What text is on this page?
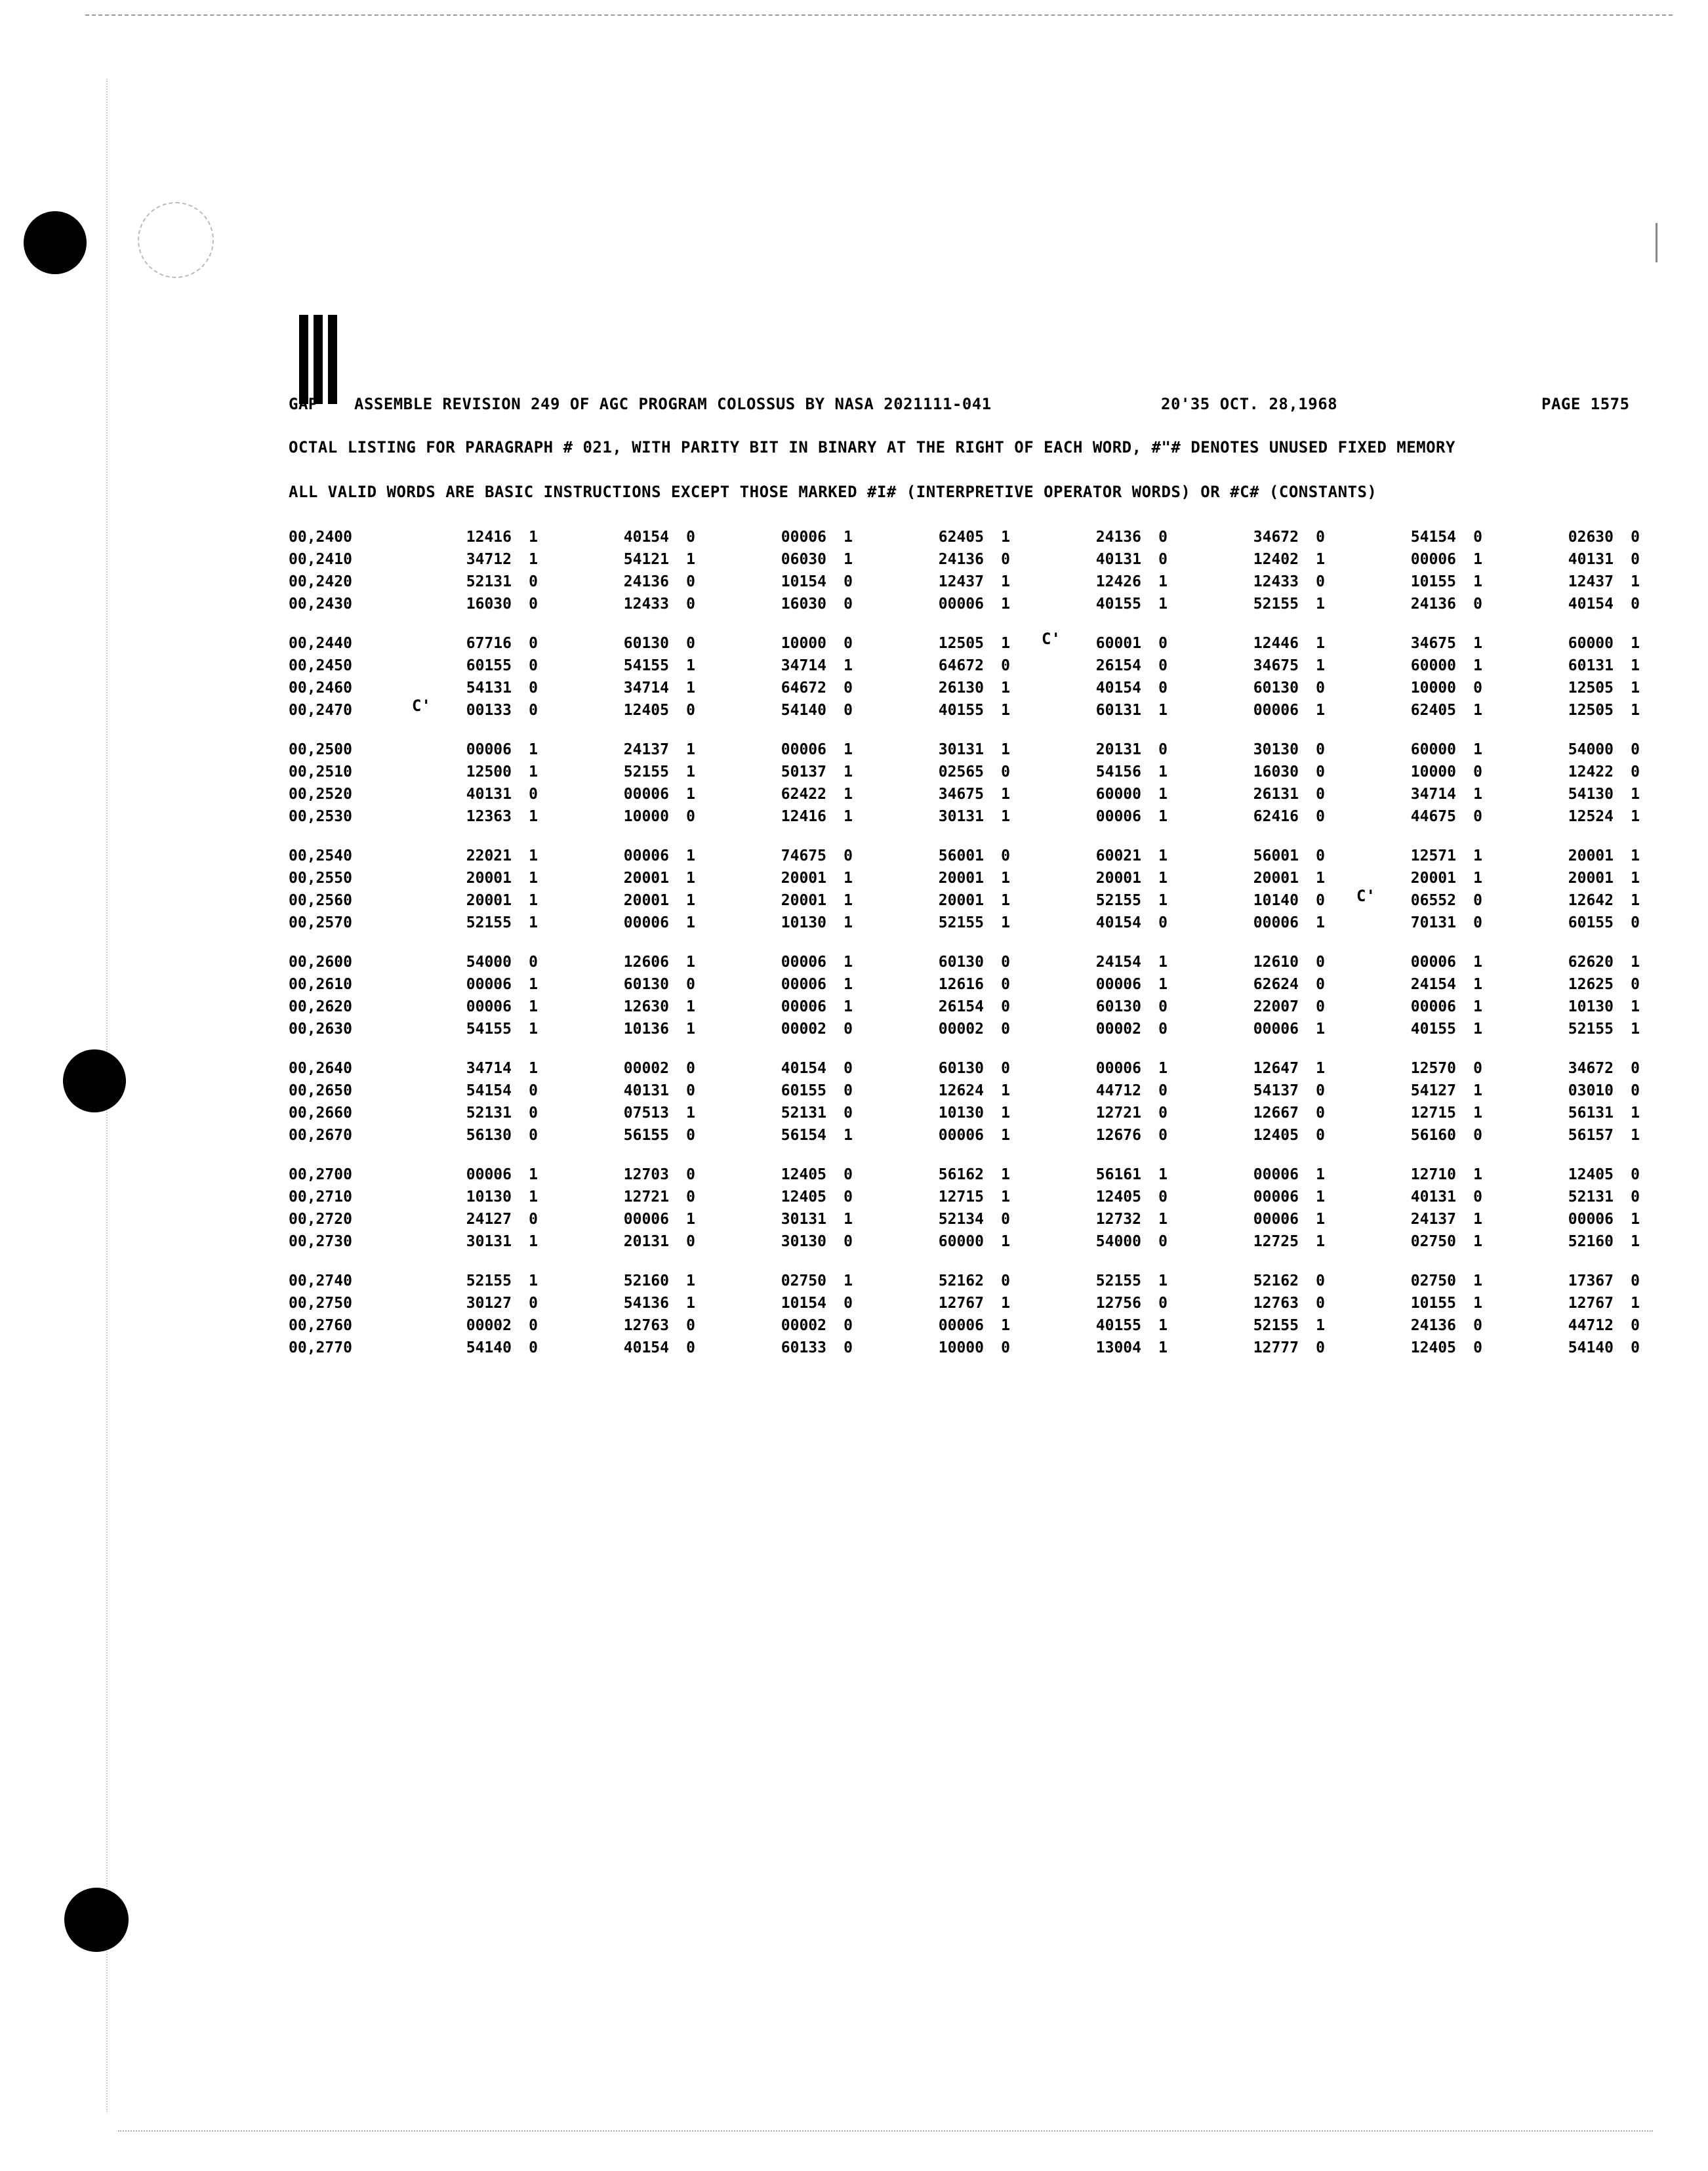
GAP ASSEMBLE REVISION 249 OF AGC PROGRAM COLOSSUS BY NASA 2021111-041	20'35 OCT. 28,1968	PAGE 1575
OCTAL LISTING FOR PARAGRAPH # 021, WITH PARITY BIT IN BINARY AT THE RIGHT OF EACH WORD, #"# DENOTES UNUSED FIXED MEMORY
ALL VALID WORDS ARE BASIC INSTRUCTIONS EXCEPT THOSE MARKED #I# (INTERPRETIVE OPERATOR WORDS) OR #C# (CONSTANTS)
00,2400	12416 1	40154 0	00006 1	62405 1	24136 0	34672 0	54154 0	02630 0
00,2410	34712 1	54121 1	06030 1	24136 0	40131 0	12402 1	00006 1	40131 0
00,2420	52131 0	24136 0	10154 0	12437 1	12426 1	12433 0	10155 1	12437 1
00,2430	16030 0	12433 0	16030 0	00006 1	40155 1	52155 1	24136 0	40154 0
00,2440	67716 0	60130 0	10000 0	12505 1 C' 60001 0	12446 1	34675 1	60000 1
00,2450	60155 0	54155 1	34714 1	64672 0	26154 0	34675 1	60000 1	60131 1
00,2460	54131 0	34714 1	64672 0	26130 1	40154 0	60130 0	10000 0	12505 1
00,2470	C' 00133 0	12405 0	54140 0	40155 1	60131 1	00006 1	62405 1	12505 1
00,2500	00006 1	24137 1	00006 1	30131 1	20131 0	30130 0	60000 1	54000 0
00,2510	12500 1	52155 1	50137 1	02565 0	54156 1	16030 0	10000 0	12422 0
00,2520	40131 0	00006 1	62422 1	34675 1	60000 1	26131 0	34714 1	54130 1
00,2530	12363 1	10000 0	12416 1	30131 1	00006 1	62416 0	44675 0	12524 1
00,2540	22021 1	00006 1	74675 0	56001 0	60021 1	56001 0	12571 1	20001 1
00,2550	20001 1	20001 1	20001 1	20001 1	20001 1	20001 1	20001 1	20001 1
00,2560	20001 1	20001 1	20001 1	20001 1	52155 1	10140 0 C' 06552 0	12642 1
00,2570	52155 1	00006 1	10130 1	52155 1	40154 0	00006 1	70131 0	60155 0
00,2600	54000 0	12606 1	00006 1	60130 0	24154 1	12610 0	00006 1	62620 1
00,2610	00006 1	60130 0	00006 1	12616 0	00006 1	62624 0	24154 1	12625 0
00,2620	00006 1	12630 1	00006 1	26154 0	60130 0	22007 0	00006 1	10130 1
00,2630	54155 1	10136 1	00002 0	00002 0	00002 0	00006 1	40155 1	52155 1
00,2640	34714 1	00002 0	40154 0	60130 0	00006 1	12647 1	12570 0	34672 0
00,2650	54154 0	40131 0	60155 0	12624 1	44712 0	54137 0	54127 1	03010 0
00,2660	52131 0	07513 1	52131 0	10130 1	12721 0	12667 0	12715 1	56131 1
00,2670	56130 0	56155 0	56154 1	00006 1	12676 0	12405 0	56160 0	56157 1
00,2700	00006 1	12703 0	12405 0	56162 1	56161 1	00006 1	12710 1	12405 0
00,2710	10130 1	12721 0	12405 0	12715 1	12405 0	00006 1	40131 0	52131 0
00,2720	24127 0	00006 1	30131 1	52134 0	12732 1	00006 1	24137 1	00006 1
00,2730	30131 1	20131 0	30130 0	60000 1	54000 0	12725 1	02750 1	52160 1
00,2740	52155 1	52160 1	02750 1	52162 0	52155 1	52162 0	02750 1	17367 0
00,2750	30127 0	54136 1	10154 0	12767 1	12756 0	12763 0	10155 1	12767 1
00,2760	00002 0	12763 0	00002 0	00006 1	40155 1	52155 1	24136 0	44712 0
00,2770	54140 0	40154 0	60133 0	10000 0	13004 1	12777 0	12405 0	54140 0
